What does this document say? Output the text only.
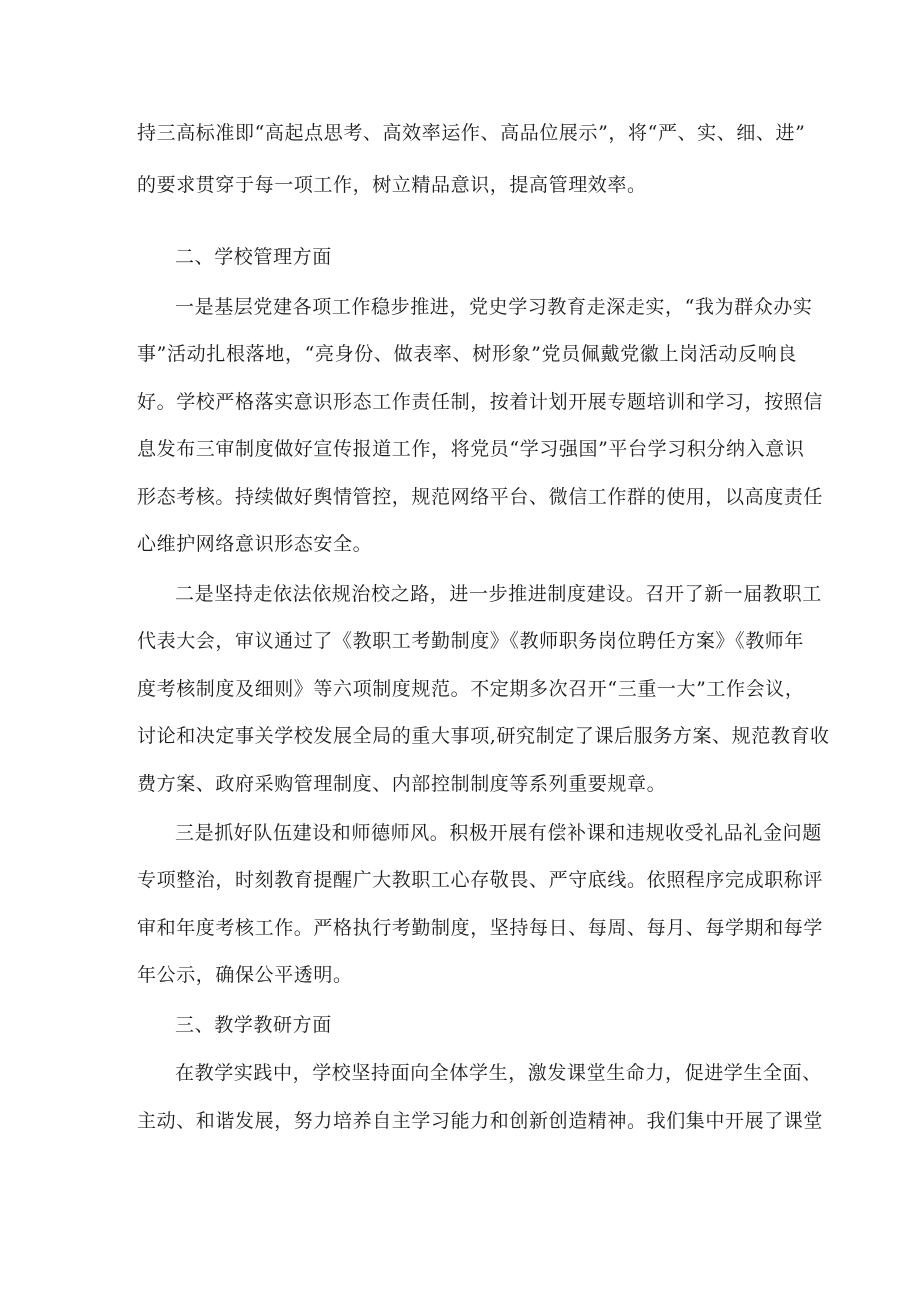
持三高标准即“高起点思考、高效率运作、高品位展示”，将“严、实、细、进”
的要求贯穿于每一项工作，树立精品意识，提高管理效率。
二、学校管理方面
一是基层党建各项工作稳步推进，党史学习教育走深走实，“我为群众办实
事”活动扎根落地，“亮身份、做表率、树形象”党员佩戴党徽上岗活动反响良
好。学校严格落实意识形态工作责任制，按着计划开展专题培训和学习，按照信
息发布三审制度做好宣传报道工作，将党员“学习强国”平台学习积分纳入意识
形态考核。持续做好舆情管控，规范网络平台、微信工作群的使用，以高度责任
心维护网络意识形态安全。
二是坚持走依法依规治校之路，进一步推进制度建设。召开了新一届教职工
代表大会，审议通过了《教职工考勤制度》《教师职务岗位聘任方案》《教师年
度考核制度及细则》等六项制度规范。不定期多次召开“三重一大”工作会议，
讨论和决定事关学校发展全局的重大事项,研究制定了课后服务方案、规范教育收
费方案、政府采购管理制度、内部控制制度等系列重要规章。
三是抓好队伍建设和师德师风。积极开展有偿补课和违规收受礼品礼金问题
专项整治，时刻教育提醒广大教职工心存敬畏、严守底线。依照程序完成职称评
审和年度考核工作。严格执行考勤制度，坚持每日、每周、每月、每学期和每学
年公示，确保公平透明。
三、教学教研方面
在教学实践中，学校坚持面向全体学生，激发课堂生命力，促进学生全面、
主动、和谐发展，努力培养自主学习能力和创新创造精神。我们集中开展了课堂
